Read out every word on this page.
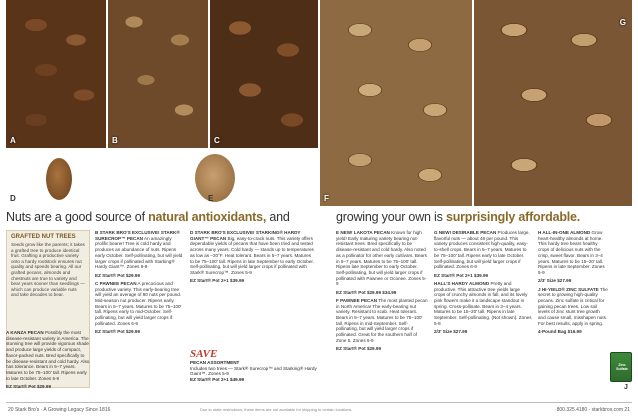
A	B	C
D	E	F
G
Nuts are a good source of natural antioxidants, and	growing your own is surprisingly affordable.
GRAFTED NUT TREES
Seeds grow like the parents; it takes a grafted tree to produce identical fruit. Grafting a productive variety onto a hardy rootstock ensures nut quality and speeds bearing. All our grafted pecans, almonds and chestnuts are true to variety and bear years sooner than seedlings — which can produce variable nuts and take decades to bear.

A KANZA PECAN Possibly the most disease-resistant variety in America. The stunning tree will provide vigorous shade and produce large yields of compact, flavor-packed nuts. Bred specifically to be disease-resistant and cold hardy. Also has tolerance. Bears in 5–7 years. Matures to be 75–100' tall. Ripens early to late October. Zones 5-9

EZ Start® Pot $29.99

B STARK BRO'S EXCLUSIVE! STARK® SURECROP™ PECAN An amazingly prolific bearer! Tree is cold hardy and produces an abundance of nuts. Ripens early October. Self-pollinating, but will yield larger crops if pollinated with Starking® Hardy Giant™. Zones 6-9

EZ Start® Pot $29.99

C PAWNEE PECAN A precocious and productive variety. This early-bearing tree will yield an average of 80 nuts per pound. Mid-season nut producer. Ripens early. Bears in 5–7 years. Matures to be 75–100' tall. Ripens early to mid-October. Self-pollinating, but will yield larger crops if pollinated. Zones 6-9

EZ Start® Pot $29.99

D STARK BRO'S EXCLUSIVE! STARKING® HARDY GIANT™ PECAN Big, easy-to-crack nuts. This variety offers dependable yields of pecans that have been tried and tested across many years. Cold hardy — stands up to temperatures as low as –20°F. Heat tolerant. Bears in 5–7 years. Matures to be 75–100' tall. Ripens in late September to early October. Self-pollinating, but will yield larger crops if pollinated with Stark® Surecrop™. Zones 5-9

EZ Start® Pot 2+1 $39.99

SAVE
PECAN ASSORTMENT
Includes two trees — Stark® Surecrop™ and Starking® Hardy Giant™. Zones 5-9
EZ Start® Pot 2+1 $49.99

E NEW! LAKOTA PECAN Known for high yield! Early maturing variety bearing nut-resistant trees. Bred specifically to be disease-resistant and cold hardy. Also noted as a pollinator for other early cultivars. Bears in 5–7 years. Matures to be 75–100' tall. Ripens late September to early October. Self-pollinating, but will yield larger crops if pollinated with Pawnee or Oconee. Zones 5-9

EZ Start® Pot $29.99 $34.99

F PAWNEE PECAN The most planted pecan in North America! The early-bearing nut variety. Resistant to scab. Heat tolerant. Bears in 5–7 years. Matures to be 75–100' tall. Ripens in mid-September. Self-pollinating, but will yield larger crops if pollinated. Great for the southern half of Zone 5. Zones 6-9

EZ Start® Pot $29.99

G NEW! DESIRABLE PECAN Produces large, flavorful nuts — about 48 per pound. This variety produces consistent high-quality, easy-to-shell crops. Bears in 5–7 years. Matures to be 75–100' tall. Ripens early to late October. Self-pollinating, but will yield larger crops if pollinated. Zones 6-9

EZ Start® Pot 2+1 $39.99

HALL'S HARDY ALMOND Pretty and productive. This attractive tree yields large crops of crunchy almonds in fall, and its lovely pink flowers make it a landscape standout in spring. Cross-pollinate. Bears in 3–4 years. Matures to be 15–20' tall. Ripens in late September. Self-pollinating. (Not shown). Zones 5-8

2/3' Size $27.99

H ALL-IN-ONE ALMOND Grow heart-healthy almonds at home. This hardy tree bears healthy crops of delicious nuts with the crisp, sweet flavor. Bears in 3–4 years. Matures to be 15–20' tall. Ripens in late September. Zones 5-9

2/3' Size $27.99

J HI-YIELD® ZINC SULFATE The secret to growing high-quality pecans. Zinc sulfate is critical for gaining pecan trees. Low soil levels of zinc stunt tree growth and cause small, misshapen nuts. For best results, apply in spring.

4-Pound Bag $16.99

Zinc Sulfate
J
20 Stark Bro's · A Growing Legacy Since 1816	Due to state restrictions, these items are not available for shipping to certain locations.	800.325.4180 · starkbros.com 21
